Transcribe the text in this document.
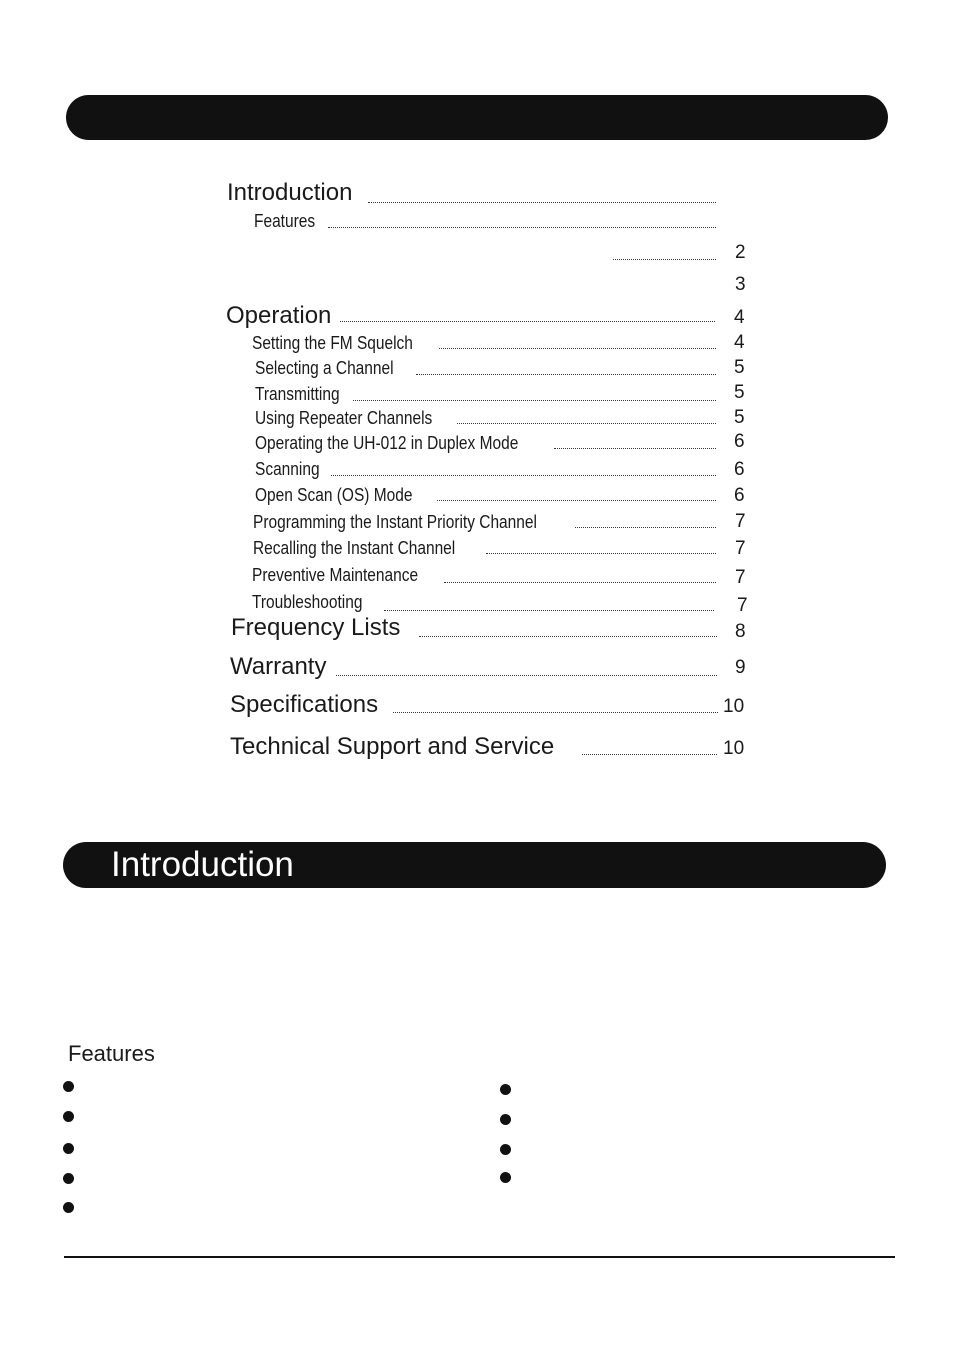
Introduction
Features
Operation
Setting the FM Squelch
Selecting a Channel
Transmitting
Using Repeater Channels
Operating the UH-012 in Duplex Mode
Scanning
Open Scan (OS) Mode
Programming the Instant Priority Channel
Recalling the Instant Channel
Preventive Maintenance
Troubleshooting
Frequency Lists
Warranty
Specifications
Technical Support and Service
2
3
4
4
5
5
5
6
6
6
7
7
7
7
8
9
10
10
Introduction
Features
